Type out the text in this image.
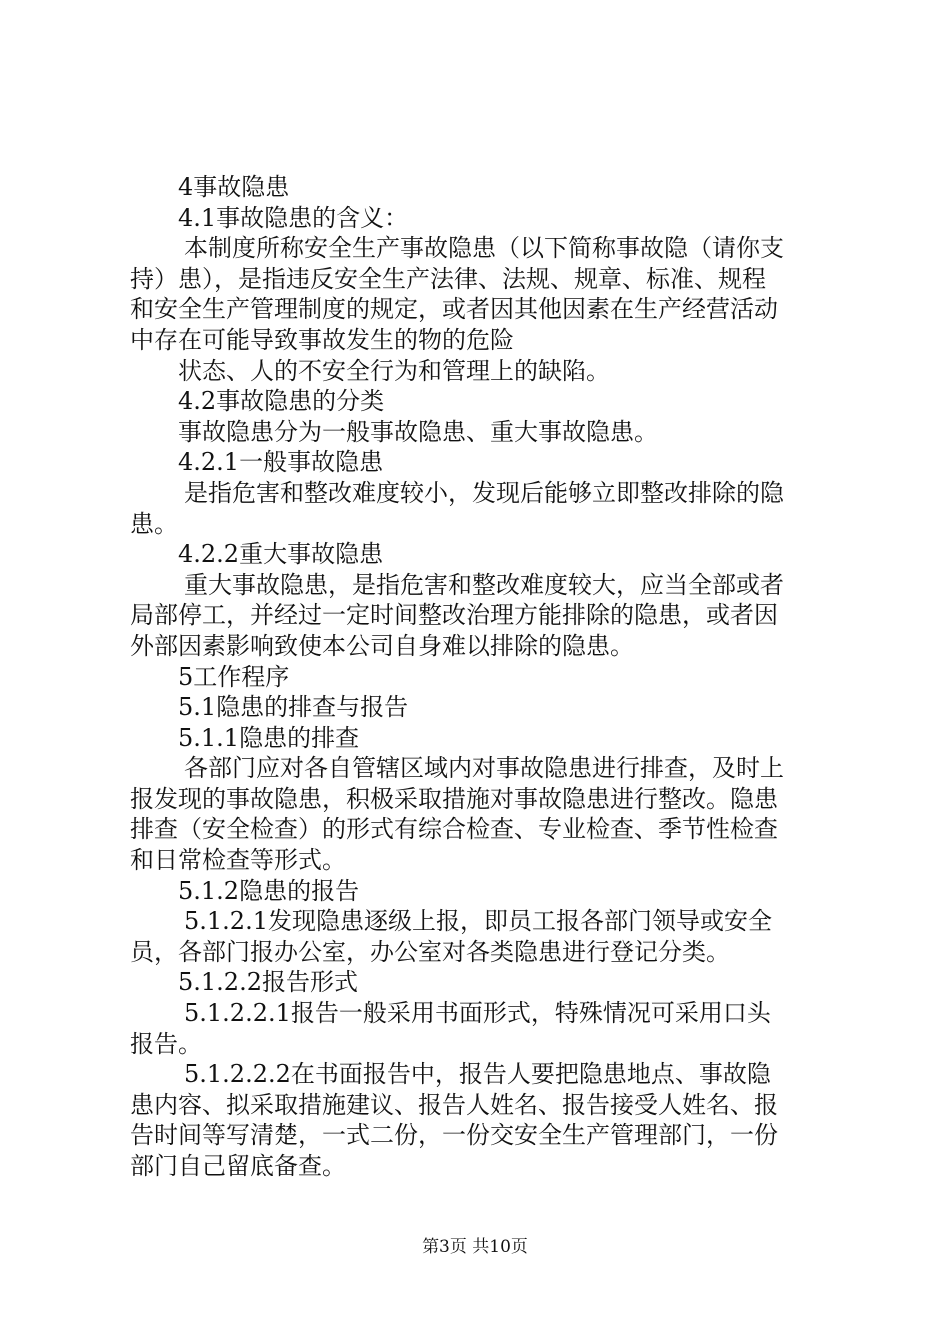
4事故隐患

4.1事故隐患的含义：

本制度所称安全生产事故隐患（以下简称事故隐（请你支

持）患），是指违反安全生产法律、法规、规章、标准、规程

和安全生产管理制度的规定，或者因其他因素在生产经营活动

中存在可能导致事故发生的物的危险

状态、人的不安全行为和管理上的缺陷。

4.2事故隐患的分类

事故隐患分为一般事故隐患、重大事故隐患。

4.2.1一般事故隐患

是指危害和整改难度较小，发现后能够立即整改排除的隐

患。

4.2.2重大事故隐患

重大事故隐患，是指危害和整改难度较大，应当全部或者

局部停工，并经过一定时间整改治理方能排除的隐患，或者因

外部因素影响致使本公司自身难以排除的隐患。

5工作程序

5.1隐患的排查与报告

5.1.1隐患的排查

各部门应对各自管辖区域内对事故隐患进行排查，及时上

报发现的事故隐患，积极采取措施对事故隐患进行整改。隐患

排查（安全检查）的形式有综合检查、专业检查、季节性检查

和日常检查等形式。

5.1.2隐患的报告

5.1.2.1发现隐患逐级上报，即员工报各部门领导或安全

员，各部门报办公室，办公室对各类隐患进行登记分类。

5.1.2.2报告形式

5.1.2.2.1报告一般采用书面形式，特殊情况可采用口头

报告。

5.1.2.2.2在书面报告中，报告人要把隐患地点、事故隐

患内容、拟采取措施建议、报告人姓名、报告接受人姓名、报

告时间等写清楚，一式二份，一份交安全生产管理部门，一份

部门自己留底备查。

第3页 共10页
